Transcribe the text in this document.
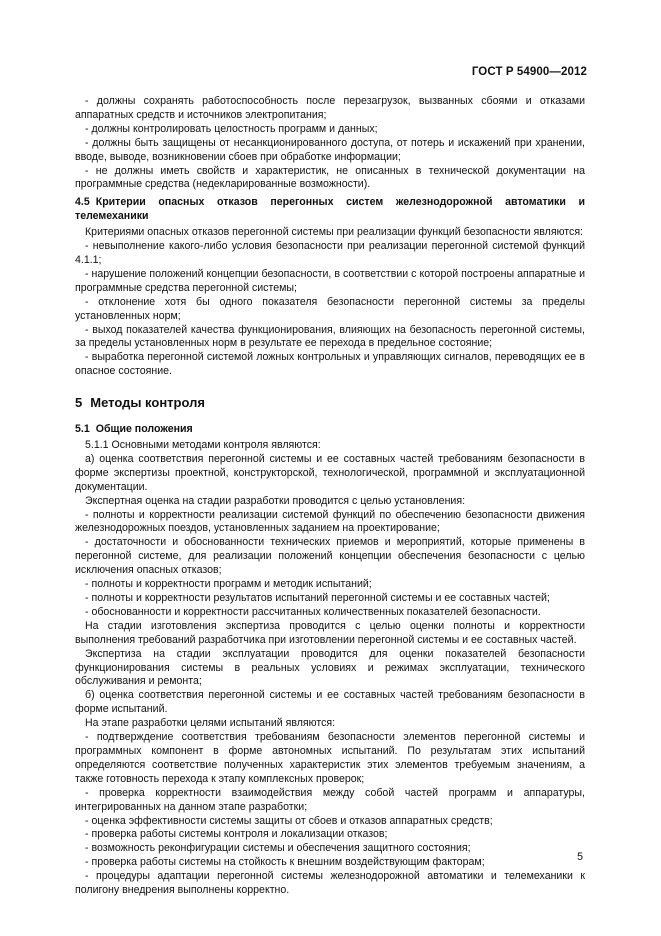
ГОСТ Р 54900—2012

- должны сохранять работоспособность после перезагрузок, вызванных сбоями и отказами аппаратных средств и источников электропитания;

- должны контролировать целостность программ и данных;

- должны быть защищены от несанкционированного доступа, от потерь и искажений при хранении, вводе, выводе, возникновении сбоев при обработке информации;

- не должны иметь свойств и характеристик, не описанных в технической документации на программные средства (недекларированные возможности).

4.5 Критерии опасных отказов перегонных систем железнодорожной автоматики и телемеханики

Критериями опасных отказов перегонной системы при реализации функций безопасности являются:

- невыполнение какого-либо условия безопасности при реализации перегонной системой функций 4.1.1;

- нарушение положений концепции безопасности, в соответствии с которой построены аппаратные и программные средства перегонной системы;

- отклонение хотя бы одного показателя безопасности перегонной системы за пределы установленных норм;

- выход показателей качества функционирования, влияющих на безопасность перегонной системы, за пределы установленных норм в результате ее перехода в предельное состояние;

- выработка перегонной системой ложных контрольных и управляющих сигналов, переводящих ее в опасное состояние.

5 Методы контроля
5.1 Общие положения

5.1.1 Основными методами контроля являются:

а) оценка соответствия перегонной системы и ее составных частей требованиям безопасности в форме экспертизы проектной, конструкторской, технологической, программной и эксплуатационной документации.

Экспертная оценка на стадии разработки проводится с целью установления:

- полноты и корректности реализации системой функций по обеспечению безопасности движения железнодорожных поездов, установленных заданием на проектирование;

- достаточности и обоснованности технических приемов и мероприятий, которые применены в перегонной системе, для реализации положений концепции обеспечения безопасности с целью исключения опасных отказов;

- полноты и корректности программ и методик испытаний;

- полноты и корректности результатов испытаний перегонной системы и ее составных частей;

- обоснованности и корректности рассчитанных количественных показателей безопасности.

На стадии изготовления экспертиза проводится с целью оценки полноты и корректности выполнения требований разработчика при изготовлении перегонной системы и ее составных частей.

Экспертиза на стадии эксплуатации проводится для оценки показателей безопасности функционирования системы в реальных условиях и режимах эксплуатации, технического обслуживания и ремонта;

б) оценка соответствия перегонной системы и ее составных частей требованиям безопасности в форме испытаний.

На этапе разработки целями испытаний являются:

- подтверждение соответствия требованиям безопасности элементов перегонной системы и программных компонент в форме автономных испытаний. По результатам этих испытаний определяются соответствие полученных характеристик этих элементов требуемым значениям, а также готовность перехода к этапу комплексных проверок;

- проверка корректности взаимодействия между собой частей программ и аппаратуры, интегрированных на данном этапе разработки;

- оценка эффективности системы защиты от сбоев и отказов аппаратных средств;

- проверка работы системы контроля и локализации отказов;

- возможность реконфигурации системы и обеспечения защитного состояния;

- проверка работы системы на стойкость к внешним воздействующим факторам;

- процедуры адаптации перегонной системы железнодорожной автоматики и телемеханики к полигону внедрения выполнены корректно.

5
